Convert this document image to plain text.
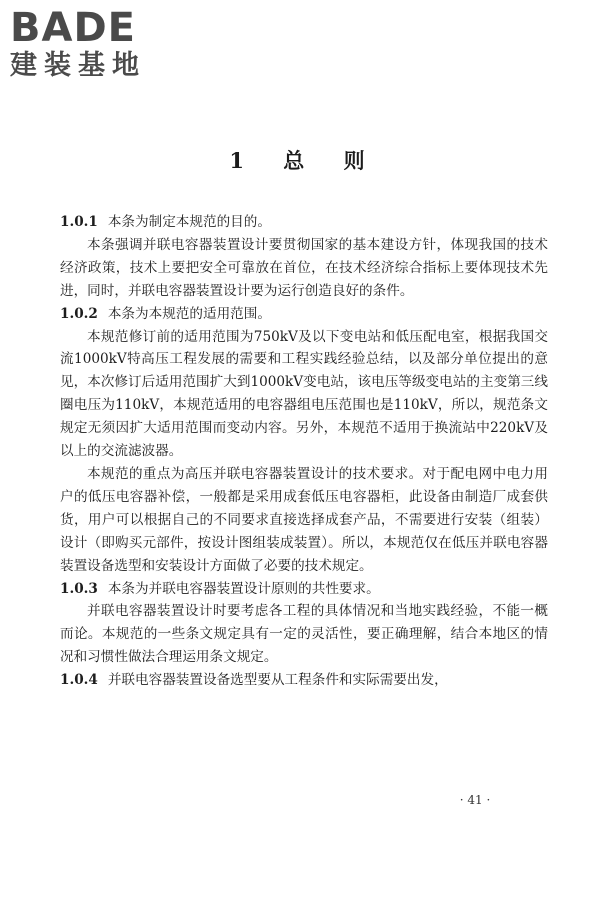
BADE
建装基地
1 总 则

1.0.1 本条为制定本规范的目的。

本条强调并联电容器装置设计要贯彻国家的基本建设方针，体现我国的技术经济政策，技术上要把安全可靠放在首位，在技术经济综合指标上要体现技术先进，同时，并联电容器装置设计要为运行创造良好的条件。

1.0.2 本条为本规范的适用范围。

本规范修订前的适用范围为750kV及以下变电站和低压配电室，根据我国交流1000kV特高压工程发展的需要和工程实践经验总结，以及部分单位提出的意见，本次修订后适用范围扩大到1000kV变电站，该电压等级变电站的主变第三线圈电压为110kV，本规范适用的电容器组电压范围也是110kV，所以，规范条文规定无须因扩大适用范围而变动内容。另外，本规范不适用于换流站中220kV及以上的交流滤波器。

本规范的重点为高压并联电容器装置设计的技术要求。对于配电网中电力用户的低压电容器补偿，一般都是采用成套低压电容器柜，此设备由制造厂成套供货，用户可以根据自己的不同要求直接选择成套产品，不需要进行安装（组装）设计（即购买元部件，按设计图组装成装置）。所以，本规范仅在低压并联电容器装置设备选型和安装设计方面做了必要的技术规定。

1.0.3 本条为并联电容器装置设计原则的共性要求。

并联电容器装置设计时要考虑各工程的具体情况和当地实践经验，不能一概而论。本规范的一些条文规定具有一定的灵活性，要正确理解，结合本地区的情况和习惯性做法合理运用条文规定。

1.0.4 并联电容器装置设备选型要从工程条件和实际需要出发，

· 41 ·
